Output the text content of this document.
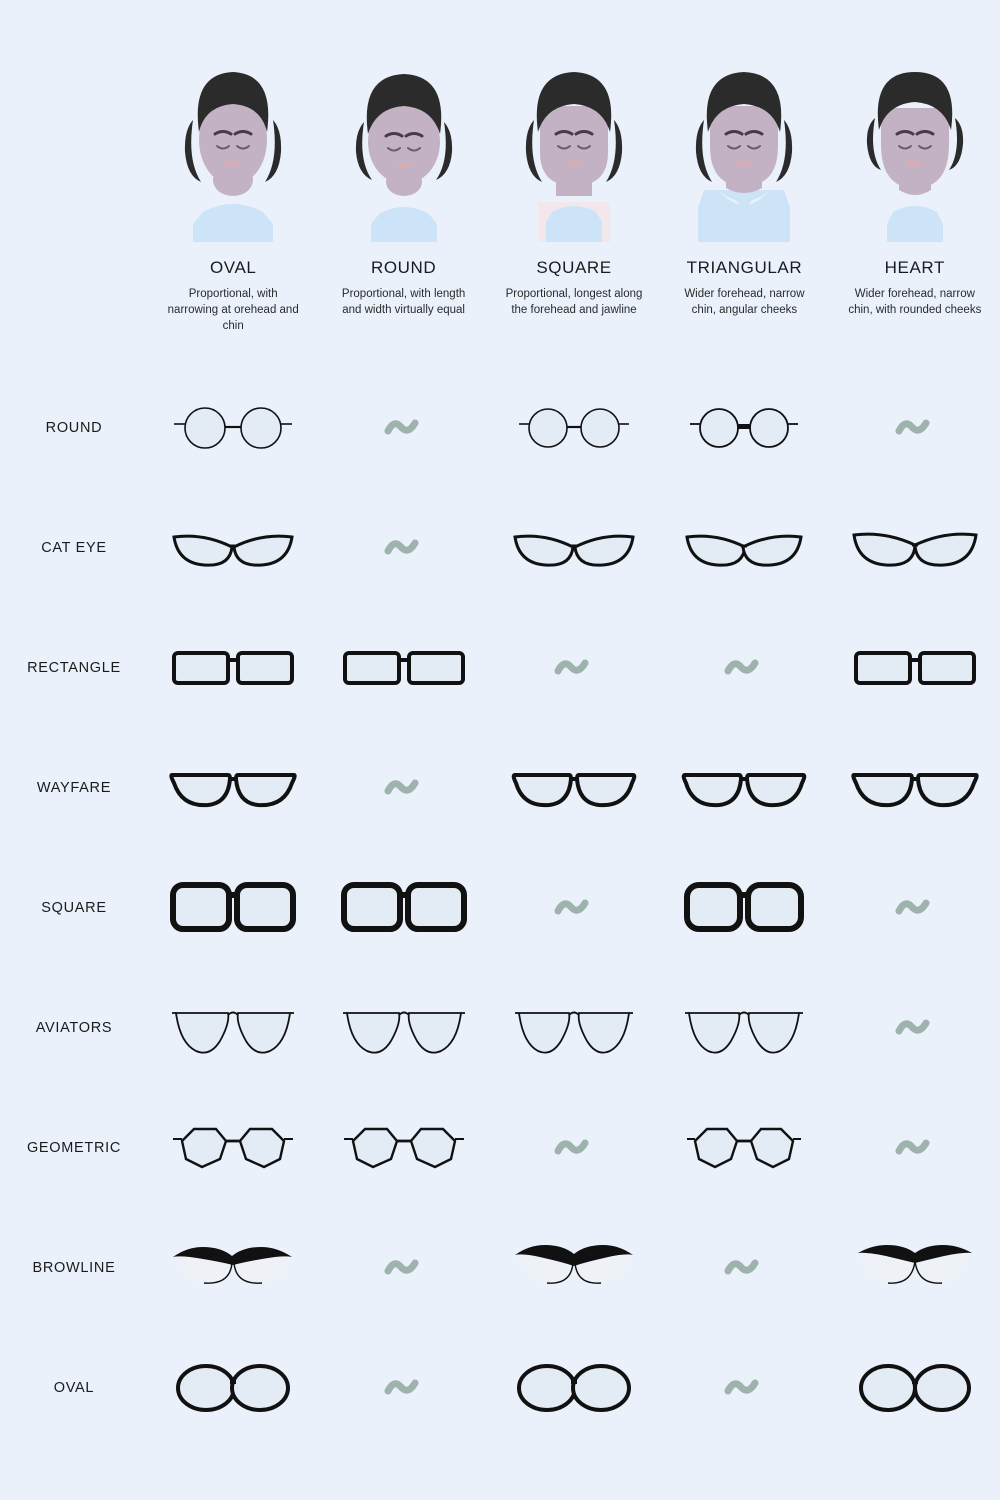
OVAL
Proportional, with narrowing at orehead and chin
ROUND
Proportional, with length and width virtually equal
SQUARE
Proportional, longest along the forehead and jawline
TRIANGULAR
Wider forehead, narrow chin, angular cheeks
HEART
Wider forehead, narrow chin, with rounded cheeks
ROUND
CAT EYE
RECTANGLE
WAYFARE
SQUARE
AVIATORS
GEOMETRIC
BROWLINE
OVAL
